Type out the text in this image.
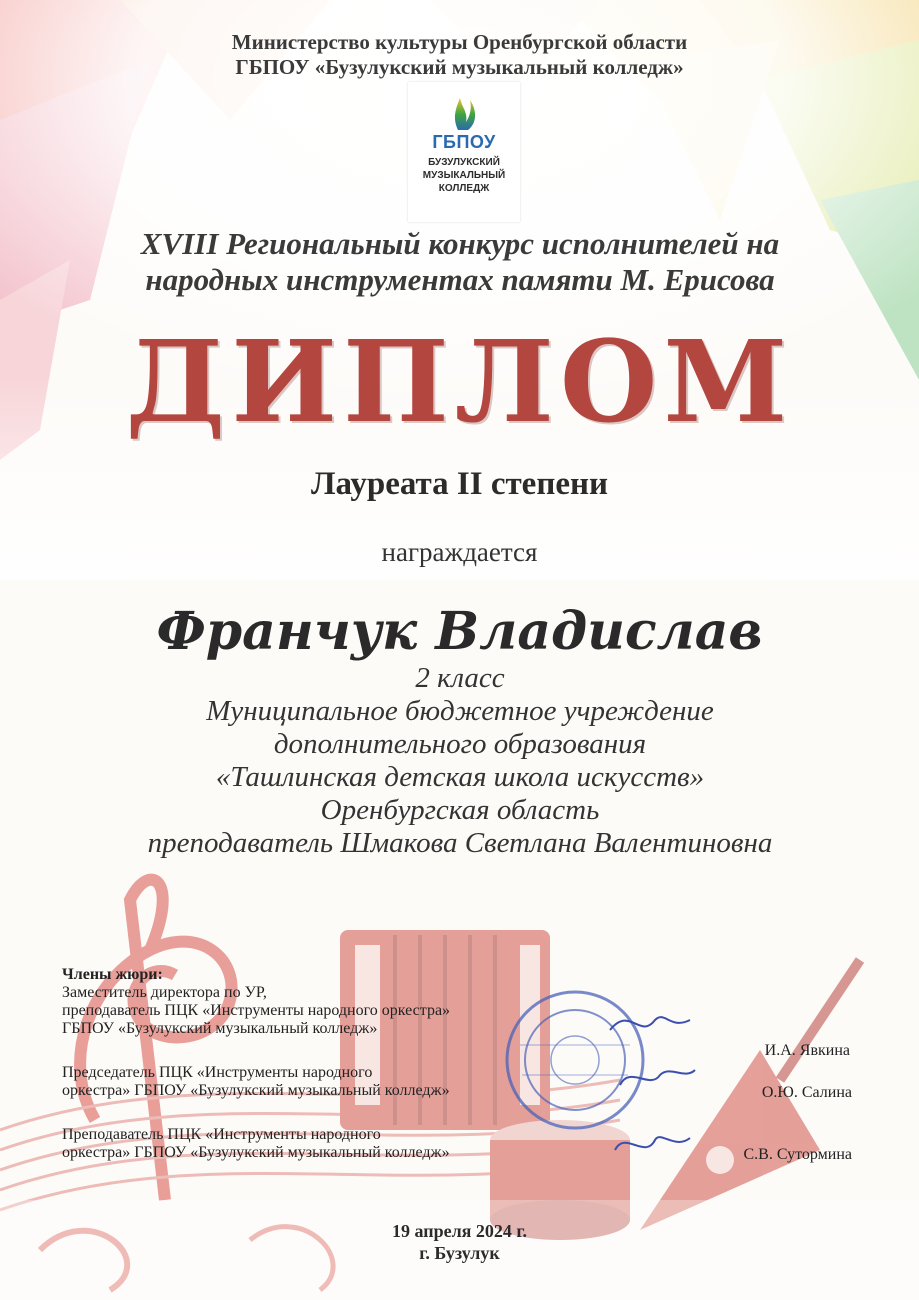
Министерство культуры Оренбургской области
ГБПОУ «Бузулукский музыкальный колледж»
ГБПОУ
БУЗУЛУКСКИЙ
МУЗЫКАЛЬНЫЙ
КОЛЛЕДЖ
XVIII Региональный конкурс исполнителей на
народных инструментах памяти М. Ерисова
ДИПЛОМ
Лауреата II степени
награждается
Франчук Владислав
2 класс
Муниципальное бюджетное учреждение
дополнительного образования
«Ташлинская детская школа искусств»
Оренбургская область
преподаватель Шмакова Светлана Валентиновна
Члены жюри:
Заместитель директора по УР,
преподаватель ПЦК «Инструменты народного оркестра»
ГБПОУ «Бузулукский музыкальный колледж»
И.А. Явкина
Председатель ПЦК «Инструменты народного
оркестра» ГБПОУ «Бузулукский музыкальный колледж»	О.Ю. Салина
Преподаватель ПЦК «Инструменты народного
оркестра» ГБПОУ «Бузулукский музыкальный колледж»	С.В. Сутормина
19 апреля 2024 г.
г. Бузулук
